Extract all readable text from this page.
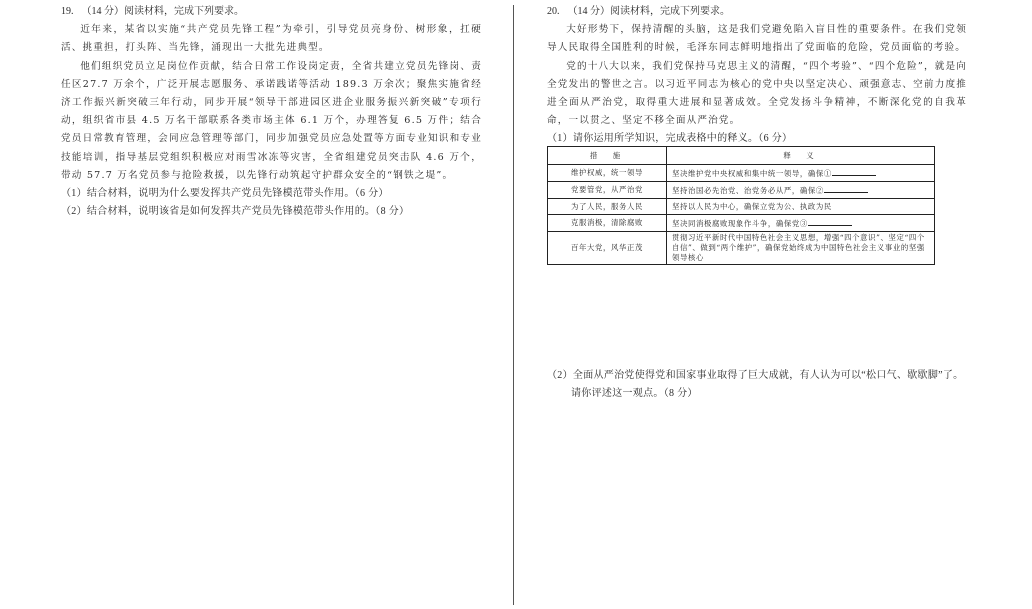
19. （14 分）阅读材料，完成下列要求。

近年来，某省以实施“共产党员先锋工程”为牵引，引导党员亮身份、树形象，扛硬活、挑重担，打头阵、当先锋，涌现出一大批先进典型。

他们组织党员立足岗位作贡献，结合日常工作设岗定责，全省共建立党员先锋岗、责任区27.7 万余个，广泛开展志愿服务、承诺践诺等活动 189.3 万余次；聚焦实施省经济工作振兴新突破三年行动，同步开展“领导干部进园区进企业服务振兴新突破”专项行动，组织省市县 4.5 万名干部联系各类市场主体 6.1 万个，办理答复 6.5 万件；结合党员日常教育管理，会同应急管理等部门，同步加强党员应急处置等方面专业知识和专业技能培训，指导基层党组织积极应对雨雪冰冻等灾害，全省组建党员突击队 4.6 万个，带动 57.7 万名党员参与抢险救援，以先锋行动筑起守护群众安全的“钢铁之堤”。

（1）结合材料，说明为什么要发挥共产党员先锋模范带头作用。（6 分）

（2）结合材料，说明该省是如何发挥共产党员先锋模范带头作用的。（8 分）

20. （14 分）阅读材料，完成下列要求。

大好形势下，保持清醒的头脑，这是我们党避免陷入盲目性的重要条件。在我们党领导人民取得全国胜利的时候，毛泽东同志鲜明地指出了党面临的危险，党员面临的考验。

党的十八大以来，我们党保持马克思主义的清醒，“四个考验”、“四个危险”，就是向全党发出的警世之言。以习近平同志为核心的党中央以坚定决心、顽强意志、空前力度推进全面从严治党，取得重大进展和显著成效。全党发扬斗争精神，不断深化党的自我革命，一以贯之、坚定不移全面从严治党。

（1）请你运用所学知识，完成表格中的释义。（6 分）

措　施	释　义
维护权威，统一领导	坚决维护党中央权威和集中统一领导，确保①
党要管党，从严治党	坚持治国必先治党、治党务必从严，确保②
为了人民，服务人民	坚持以人民为中心，确保立党为公、执政为民
克服消极，清除腐败	坚决同消极腐败现象作斗争，确保党③
百年大党，风华正茂	贯彻习近平新时代中国特色社会主义思想，增强“四个意识”、坚定“四个自信”、做到“两个维护”，确保党始终成为中国特色社会主义事业的坚强领导核心
（2）全面从严治党使得党和国家事业取得了巨大成就，有人认为可以“松口气、歇歇脚”了。
请你评述这一观点。（8 分）
